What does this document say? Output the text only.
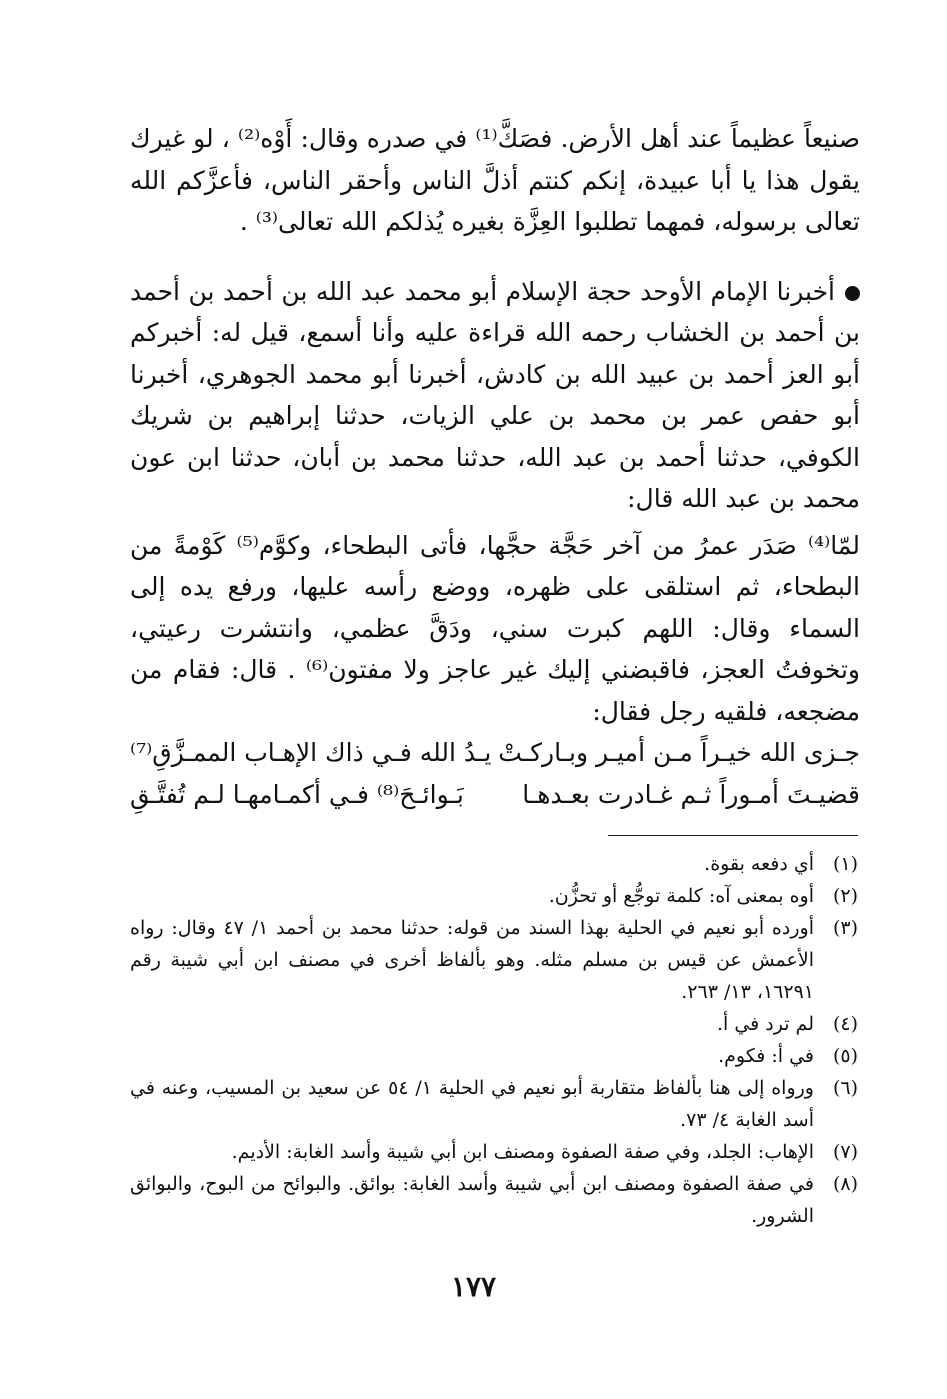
صنيعاً عظيماً عند أهل الأرض. فصَكَّ⁽¹⁾ في صدره وقال: أَوْه⁽²⁾ ، لو غيرك يقول هذا يا أبا عبيدة، إنكم كنتم أذلَّ الناس وأحقر الناس، فأعزَّكم الله تعالى برسوله، فمهما تطلبوا العِزَّة بغيره يُذلكم الله تعالى⁽³⁾ .

أخبرنا الإمام الأوحد حجة الإسلام أبو محمد عبد الله بن أحمد بن أحمد بن أحمد بن الخشاب رحمه الله قراءة عليه وأنا أسمع، قيل له: أخبركم أبو العز أحمد بن عبيد الله بن كادش، أخبرنا أبو محمد الجوهري، أخبرنا أبو حفص عمر بن محمد بن علي الزيات، حدثنا إبراهيم بن شريك الكوفي، حدثنا أحمد بن عبد الله، حدثنا محمد بن أبان، حدثنا ابن عون محمد بن عبد الله قال:

لمّا⁽⁴⁾ صَدَر عمرُ من آخر حَجَّة حجَّها، فأتى البطحاء، وكوَّم⁽⁵⁾ كَوْمةً من البطحاء، ثم استلقى على ظهره، ووضع رأسه عليها، ورفع يده إلى السماء وقال: اللهم كبرت سني، ودَقَّ عظمي، وانتشرت رعيتي، وتخوفتُ العجز، فاقبضني إليك غير عاجز ولا مفتون⁽⁶⁾ . قال: فقام من مضجعه، فلقيه رجل فقال:

جـزى الله خيـراً مـن أميـر وبـاركـتْ
يـدُ الله فـي ذاك الإهـاب الممـزَّقِ⁽⁷⁾
قضيـتَ أمـوراً ثـم غـادرت بعـدهـا
بَـوائـحَ⁽⁸⁾ فـي أكمـامهـا لـم تُفتَّـقِ
(١)
أي دفعه بقوة.
(٢)
أوه بمعنى آه: كلمة توجُّع أو تحزُّن.
(٣)
أورده أبو نعيم في الحلية بهذا السند من قوله: حدثنا محمد بن أحمد ١/ ٤٧ وقال: رواه الأعمش عن قيس بن مسلم مثله. وهو بألفاظ أخرى في مصنف ابن أبي شيبة رقم ١٦٢٩١، ١٣/ ٢٦٣.
(٤)
لم ترد في أ.
(٥)
في أ: فكوم.
(٦)
ورواه إلى هنا بألفاظ متقاربة أبو نعيم في الحلية ١/ ٥٤ عن سعيد بن المسيب، وعنه في أسد الغابة ٤/ ٧٣.
(٧)
الإهاب: الجلد، وفي صفة الصفوة ومصنف ابن أبي شيبة وأسد الغابة: الأديم.
(٨)
في صفة الصفوة ومصنف ابن أبي شيبة وأسد الغابة: بوائق. والبوائح من البوح، والبوائق الشرور.
١٧٧
